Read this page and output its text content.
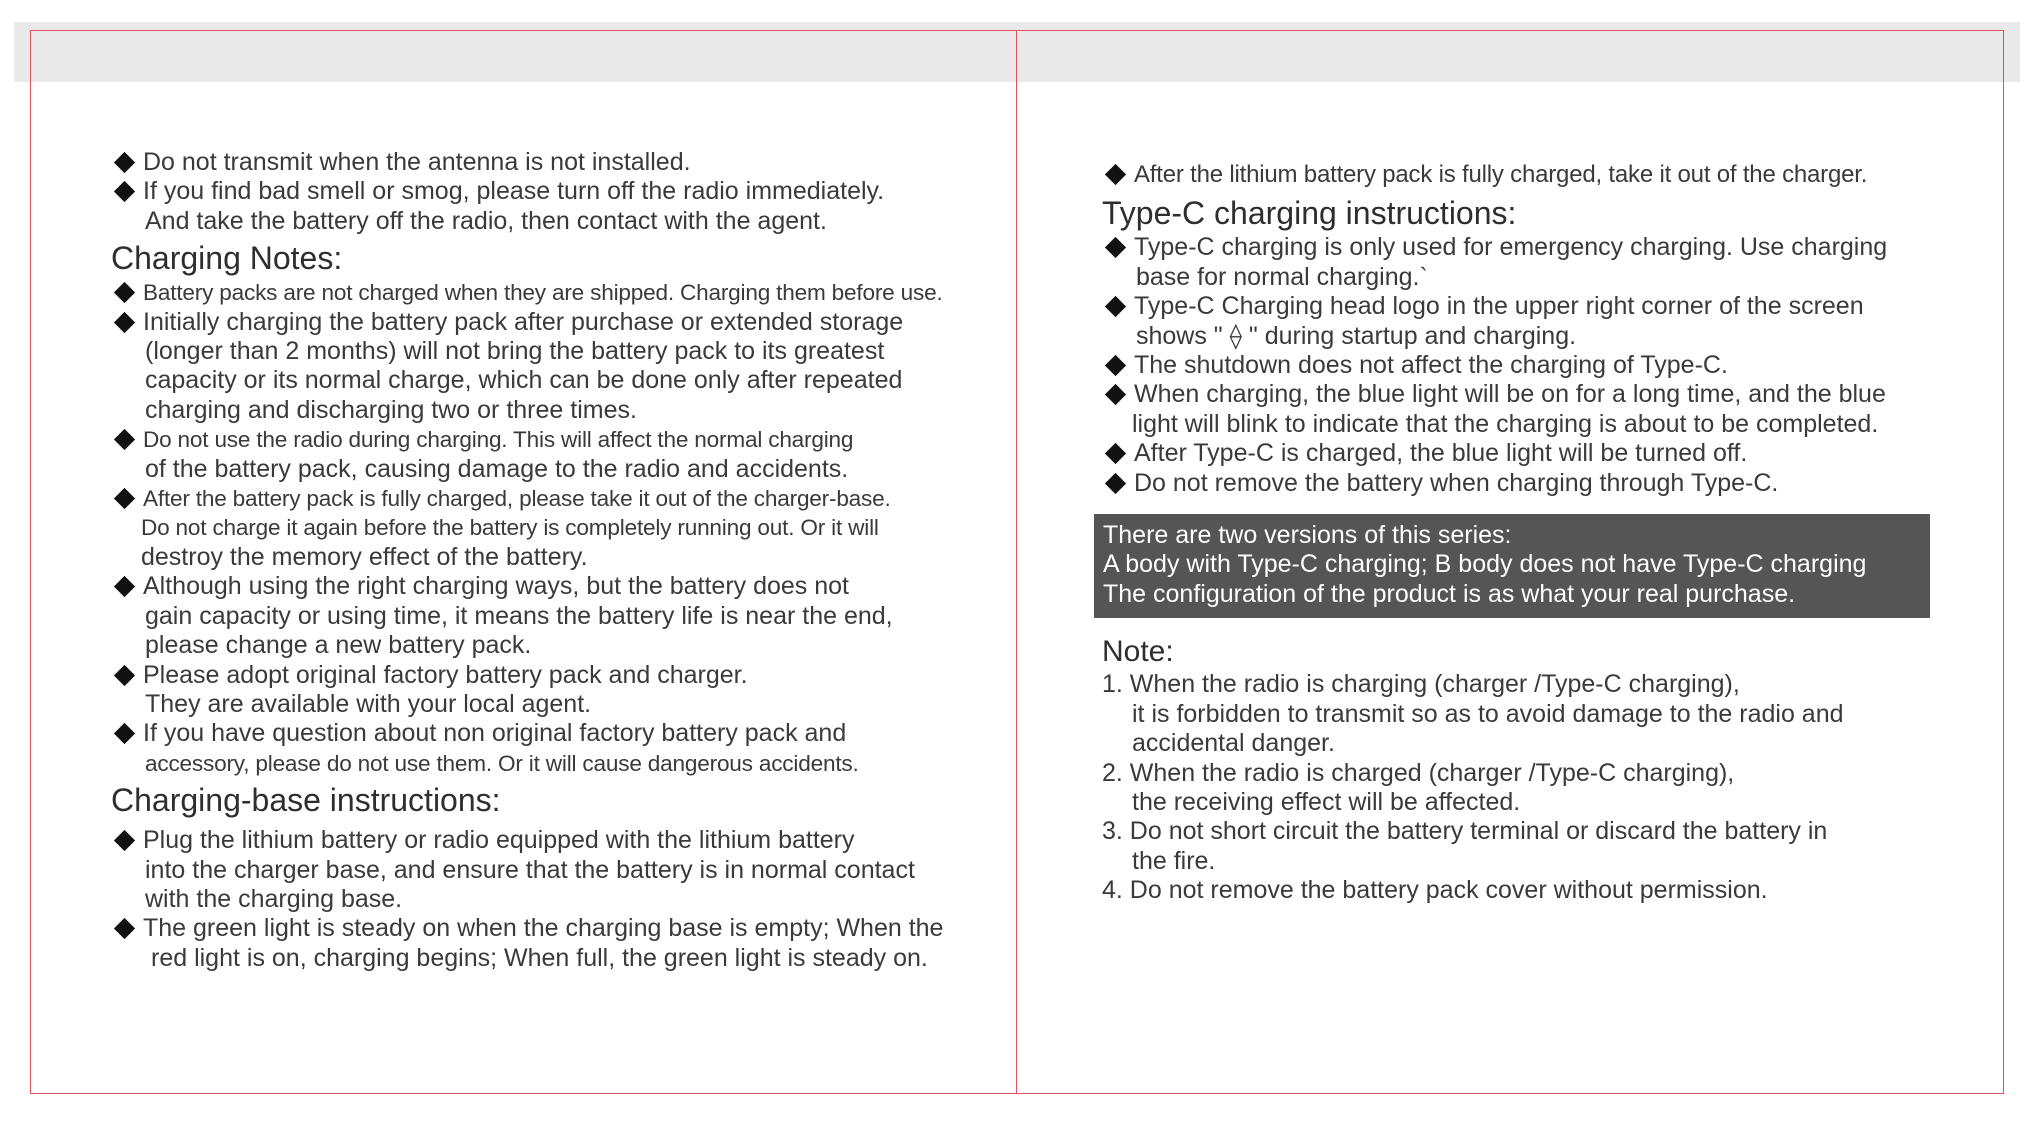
Do not transmit when the antenna is not installed.
If you find bad smell or smog, please turn off the radio immediately.
And take the battery off the radio, then contact with the agent.
Charging Notes:
Battery packs are not charged when they are shipped. Charging them before use.
Initially charging the battery pack after purchase or extended storage
(longer than 2 months) will not bring the battery pack to its greatest
capacity or its normal charge, which can be done only after repeated
charging and discharging two or three times.
Do not use the radio during charging. This will affect the normal charging
of the battery pack, causing damage to the radio and accidents.
After the battery pack is fully charged, please take it out of the charger-base.
Do not charge it again before the battery is completely running out. Or it will
destroy the memory effect of the battery.
Although using the right charging ways, but the battery does not
gain capacity or using time, it means the battery life is near the end,
please change a new battery pack.
Please adopt original factory battery pack and charger.
They are available with your local agent.
If you have question about non original factory battery pack and
accessory, please do not use them. Or it will cause dangerous accidents.
Charging-base instructions:
Plug the lithium battery or radio equipped with the lithium battery
into the charger base, and ensure that the battery is in normal contact
with the charging base.
The green light is steady on when the charging base is empty; When the
red light is on, charging begins; When full, the green light is steady on.
After the lithium battery pack is fully charged, take it out of the charger.
Type-C charging instructions:
Type-C charging is only used for emergency charging. Use charging
base for normal charging.`
Type-C Charging head logo in the upper right corner of the screen
shows " ⟠ " during startup and charging.
The shutdown does not affect the charging of Type-C.
When charging, the blue light will be on for a long time, and the blue
light will blink to indicate that the charging is about to be completed.
After Type-C is charged, the blue light will be turned off.
Do not remove the battery when charging through Type-C.
There are two versions of this series:
A body with Type-C charging; B body does not have Type-C charging
The configuration of the product is as what your real purchase.
Note:
1. When the radio is charging (charger /Type-C charging),
it is forbidden to transmit so as to avoid damage to the radio and
accidental danger.
2. When the radio is charged (charger /Type-C charging),
the receiving effect will be affected.
3. Do not short circuit the battery terminal or discard the battery in
the fire.
4. Do not remove the battery pack cover without permission.
